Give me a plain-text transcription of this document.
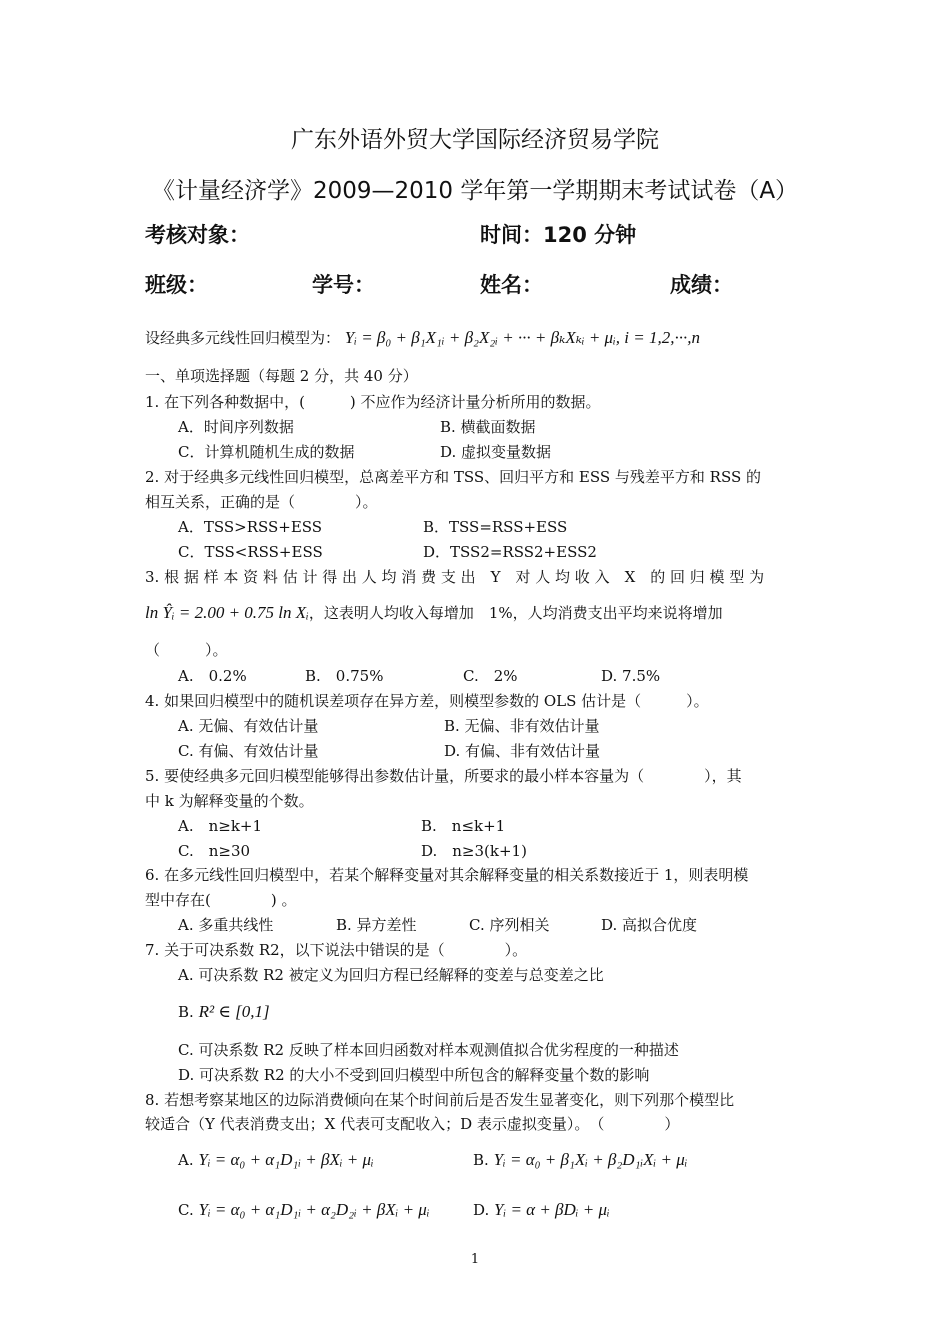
广东外语外贸大学国际经济贸易学院
《计量经济学》2009—2010 学年第一学期期末考试试卷（A）
考核对象：	时间：120 分钟
班级：	学号：	姓名：	成绩：
设经典多元线性回归模型为： Yᵢ = β₀ + β₁X₁ᵢ + β₂X₂ᵢ + ··· + βₖXₖᵢ + μᵢ, i = 1,2,···,n
一、单项选择题（每题 2 分，共 40 分）
1. 在下列各种数据中，(　　　) 不应作为经济计量分析所用的数据。
A．时间序列数据	B. 横截面数据
C．计算机随机生成的数据	D. 虚拟变量数据
2. 对于经典多元线性回归模型，总离差平方和 TSS、回归平方和 ESS 与残差平方和 RSS 的
相互关系，正确的是（　　　　）。
A．TSS>RSS+ESS	B．TSS=RSS+ESS
C．TSS<RSS+ESS	D．TSS2=RSS2+ESS2
3. 根 据 样 本 资 料 估 计 得 出 人 均 消 费 支 出　Y　对 人 均 收 入　X　的 回 归 模 型 为
ln Ŷᵢ = 2.00 + 0.75 ln Xᵢ，这表明人均收入每增加　1%，人均消费支出平均来说将增加
（　　　）。
A.　0.2%	B.　0.75%	C.　2%	D. 7.5%
4. 如果回归模型中的随机误差项存在异方差，则模型参数的 OLS 估计是（　　　）。
A. 无偏、有效估计量	B. 无偏、非有效估计量
C. 有偏、有效估计量	D. 有偏、非有效估计量
5. 要使经典多元回归模型能够得出参数估计量，所要求的最小样本容量为（　　　　），其
中 k 为解释变量的个数。
A.　n≥k+1	B.　n≤k+1
C.　n≥30	D.　n≥3(k+1)
6. 在多元线性回归模型中，若某个解释变量对其余解释变量的相关系数接近于 1，则表明模
型中存在(　　　　) 。
A. 多重共线性	B. 异方差性	C. 序列相关	D. 高拟合优度
7. 关于可决系数 R2，以下说法中错误的是（　　　　）。
A. 可决系数 R2 被定义为回归方程已经解释的变差与总变差之比
B. R² ∈ [0,1]
C. 可决系数 R2 反映了样本回归函数对样本观测值拟合优劣程度的一种描述
D. 可决系数 R2 的大小不受到回归模型中所包含的解释变量个数的影响
8. 若想考察某地区的边际消费倾向在某个时间前后是否发生显著变化，则下列那个模型比
较适合（Y 代表消费支出；X 代表可支配收入；D 表示虚拟变量）。　（　　　　）
A. Yᵢ = α₀ + α₁D₁ᵢ + βXᵢ + μᵢ	B. Yᵢ = α₀ + β₁Xᵢ + β₂D₁ᵢXᵢ + μᵢ
C. Yᵢ = α₀ + α₁D₁ᵢ + α₂D₂ᵢ + βXᵢ + μᵢ	D. Yᵢ = α + βDᵢ + μᵢ
1
